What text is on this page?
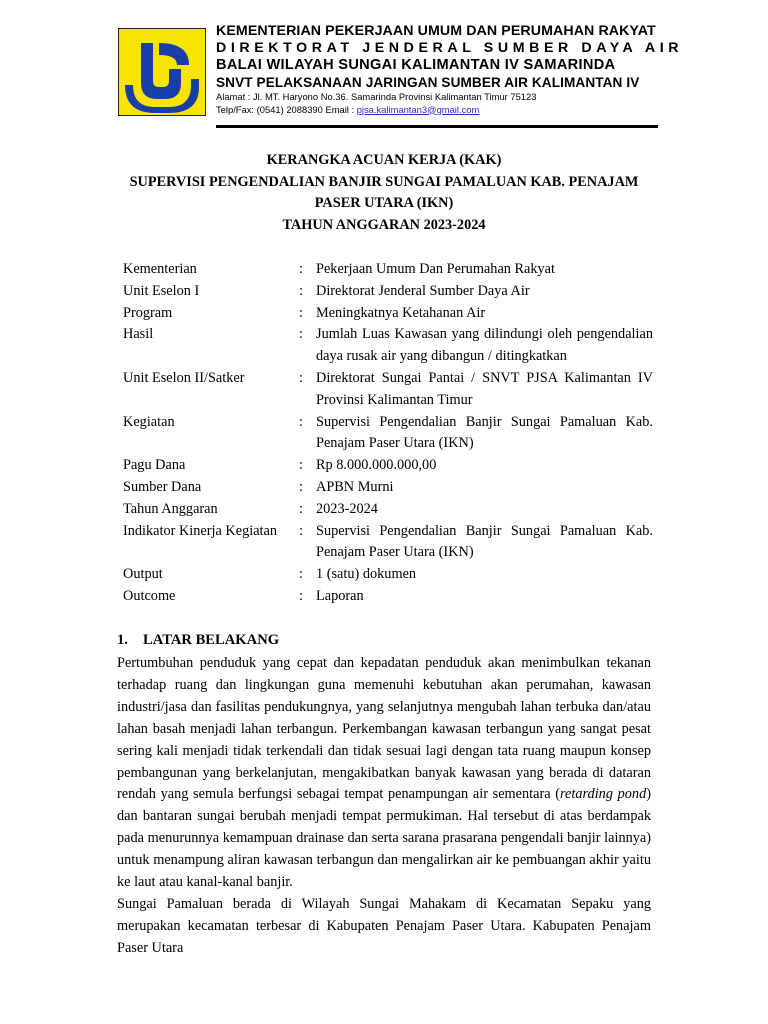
KEMENTERIAN PEKERJAAN UMUM DAN PERUMAHAN RAKYAT
DIREKTORAT JENDERAL SUMBER DAYA AIR
BALAI WILAYAH SUNGAI KALIMANTAN IV SAMARINDA
SNVT PELAKSANAAN JARINGAN SUMBER AIR KALIMANTAN IV
Alamat : Jl. MT. Haryono No.36. Samarinda Provinsi Kalimantan Timur 75123
Telp/Fax: (0541) 2088390 Email : pjsa.kalimantan3@gmail.com
KERANGKA ACUAN KERJA (KAK)
SUPERVISI PENGENDALIAN BANJIR SUNGAI PAMALUAN KAB. PENAJAM
PASER UTARA (IKN)
TAHUN ANGGARAN 2023-2024
Kementerian	: Pekerjaan Umum Dan Perumahan Rakyat
Unit Eselon I	: Direktorat Jenderal Sumber Daya Air
Program	: Meningkatnya Ketahanan Air
Hasil	: Jumlah Luas Kawasan yang dilindungi oleh pengendalian daya rusak air yang dibangun / ditingkatkan
Unit Eselon II/Satker	: Direktorat Sungai Pantai / SNVT PJSA Kalimantan IV Provinsi Kalimantan Timur
Kegiatan	: Supervisi Pengendalian Banjir Sungai Pamaluan Kab. Penajam Paser Utara (IKN)
Pagu Dana	: Rp 8.000.000.000,00
Sumber Dana	: APBN Murni
Tahun Anggaran	: 2023-2024
Indikator Kinerja Kegiatan	: Supervisi Pengendalian Banjir Sungai Pamaluan Kab. Penajam Paser Utara (IKN)
Output	: 1 (satu) dokumen
Outcome	: Laporan
1. LATAR BELAKANG

Pertumbuhan penduduk yang cepat dan kepadatan penduduk akan menimbulkan tekanan terhadap ruang dan lingkungan guna memenuhi kebutuhan akan perumahan, kawasan industri/jasa dan fasilitas pendukungnya, yang selanjutnya mengubah lahan terbuka dan/atau lahan basah menjadi lahan terbangun. Perkembangan kawasan terbangun yang sangat pesat sering kali menjadi tidak terkendali dan tidak sesuai lagi dengan tata ruang maupun konsep pembangunan yang berkelanjutan, mengakibatkan banyak kawasan yang berada di dataran rendah yang semula berfungsi sebagai tempat penampungan air sementara (retarding pond) dan bantaran sungai berubah menjadi tempat permukiman. Hal tersebut di atas berdampak pada menurunnya kemampuan drainase dan serta sarana prasarana pengendali banjir lainnya) untuk menampung aliran kawasan terbangun dan mengalirkan air ke pembuangan akhir yaitu ke laut atau kanal-kanal banjir.

Sungai Pamaluan berada di Wilayah Sungai Mahakam di Kecamatan Sepaku yang merupakan kecamatan terbesar di Kabupaten Penajam Paser Utara. Kabupaten Penajam Paser Utara
